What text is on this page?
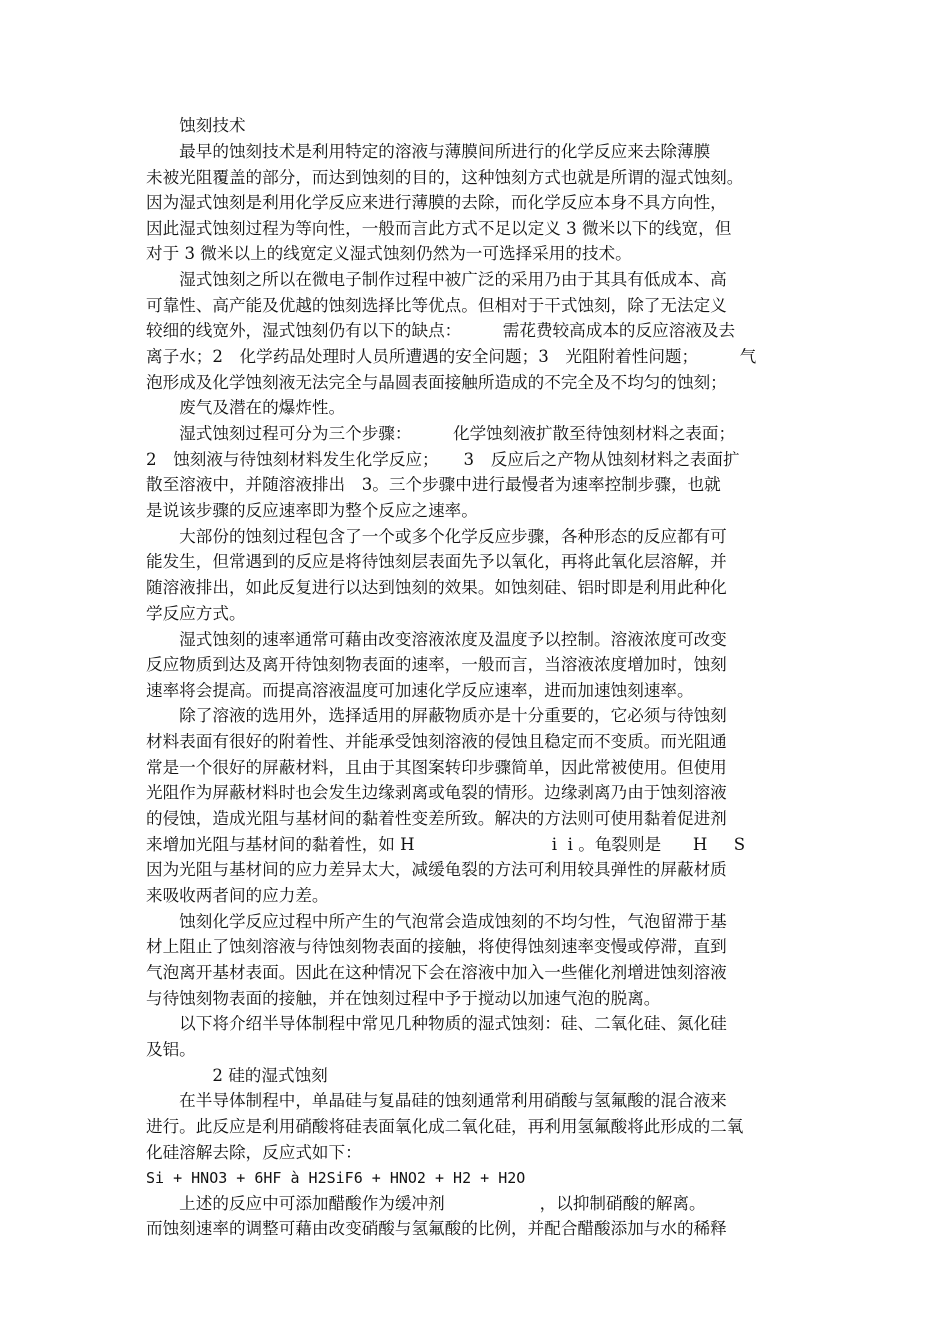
　　蚀刻技术
　　最早的蚀刻技术是利用特定的溶液与薄膜间所进行的化学反应来去除薄膜
未被光阻覆盖的部分，而达到蚀刻的目的，这种蚀刻方式也就是所谓的湿式蚀刻。
因为湿式蚀刻是利用化学反应来进行薄膜的去除，而化学反应本身不具方向性，
因此湿式蚀刻过程为等向性，一般而言此方式不足以定义 3 微米以下的线宽，但
对于 3 微米以上的线宽定义湿式蚀刻仍然为一可选择采用的技术。
　　湿式蚀刻之所以在微电子制作过程中被广泛的采用乃由于其具有低成本、高
可靠性、高产能及优越的蚀刻选择比等优点。但相对于干式蚀刻，除了无法定义
较细的线宽外，湿式蚀刻仍有以下的缺点：　　　需花费较高成本的反应溶液及去
离子水；2　化学药品处理时人员所遭遇的安全问题；3　光阻附着性问题；　　　气
泡形成及化学蚀刻液无法完全与晶圆表面接触所造成的不完全及不均匀的蚀刻；
　　废气及潜在的爆炸性。
　　湿式蚀刻过程可分为三个步骤：　　　化学蚀刻液扩散至待蚀刻材料之表面；
2　蚀刻液与待蚀刻材料发生化学反应；　　3　反应后之产物从蚀刻材料之表面扩
散至溶液中，并随溶液排出　3。三个步骤中进行最慢者为速率控制步骤，也就
是说该步骤的反应速率即为整个反应之速率。
　　大部份的蚀刻过程包含了一个或多个化学反应步骤，各种形态的反应都有可
能发生，但常遇到的反应是将待蚀刻层表面先予以氧化，再将此氧化层溶解，并
随溶液排出，如此反复进行以达到蚀刻的效果。如蚀刻硅、铝时即是利用此种化
学反应方式。
　　湿式蚀刻的速率通常可藉由改变溶液浓度及温度予以控制。溶液浓度可改变
反应物质到达及离开待蚀刻物表面的速率，一般而言，当溶液浓度增加时，蚀刻
速率将会提高。而提高溶液温度可加速化学反应速率，进而加速蚀刻速率。
　　除了溶液的选用外，选择适用的屏蔽物质亦是十分重要的，它必须与待蚀刻
材料表面有很好的附着性、并能承受蚀刻溶液的侵蚀且稳定而不变质。而光阻通
常是一个很好的屏蔽材料，且由于其图案转印步骤简单，因此常被使用。但使用
光阻作为屏蔽材料时也会发生边缘剥离或龟裂的情形。边缘剥离乃由于蚀刻溶液
的侵蚀，造成光阻与基材间的黏着性变差所致。解决的方法则可使用黏着促进剂
来增加光阻与基材间的黏着性，如 H                          i  i 。龟裂则是      H     S
因为光阻与基材间的应力差异太大，减缓龟裂的方法可利用较具弹性的屏蔽材质
来吸收两者间的应力差。
　　蚀刻化学反应过程中所产生的气泡常会造成蚀刻的不均匀性，气泡留滞于基
材上阻止了蚀刻溶液与待蚀刻物表面的接触，将使得蚀刻速率变慢或停滞，直到
气泡离开基材表面。因此在这种情况下会在溶液中加入一些催化剂增进蚀刻溶液
与待蚀刻物表面的接触，并在蚀刻过程中予于搅动以加速气泡的脱离。
　　以下将介绍半导体制程中常见几种物质的湿式蚀刻：硅、二氧化硅、氮化硅
及铝。
　　　　2 硅的湿式蚀刻
　　在半导体制程中，单晶硅与复晶硅的蚀刻通常利用硝酸与氢氟酸的混合液来
进行。此反应是利用硝酸将硅表面氧化成二氧化硅，再利用氢氟酸将此形成的二氧
化硅溶解去除，反应式如下：
Si + HNO3 + 6HF à H2SiF6 + HNO2 + H2 + H2O
　　上述的反应中可添加醋酸作为缓冲剂                  ，以抑制硝酸的解离。
而蚀刻速率的调整可藉由改变硝酸与氢氟酸的比例，并配合醋酸添加与水的稀释
